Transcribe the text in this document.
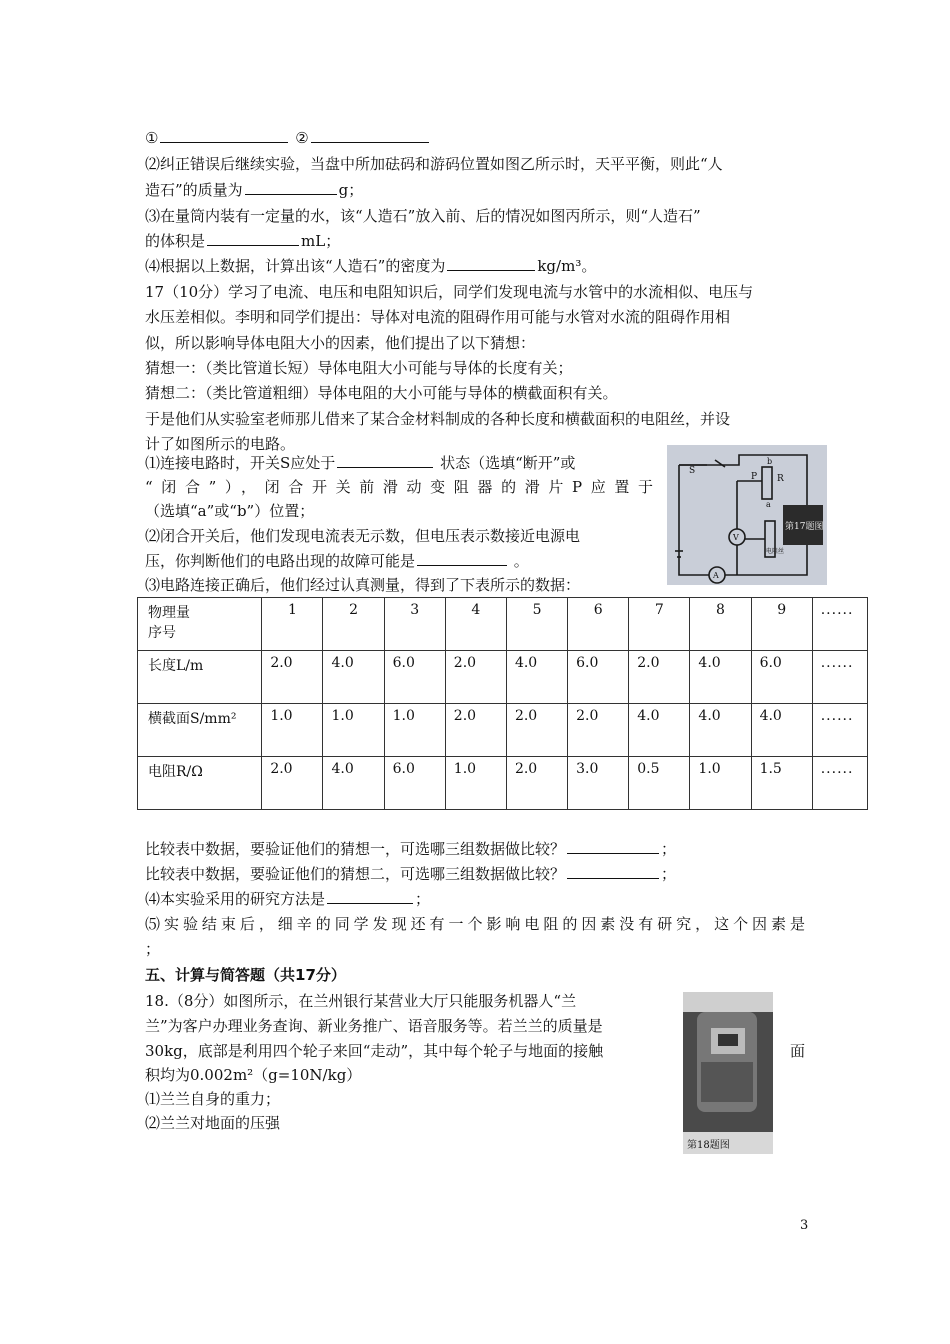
①	②
⑵纠正错误后继续实验，当盘中所加砝码和游码位置如图乙所示时，天平平衡，则此“人
造石”的质量为	g；
⑶在量筒内装有一定量的水，该“人造石”放入前、后的情况如图丙所示，则“人造石”
的体积是	mL；
⑷根据以上数据，计算出该“人造石”的密度为	kg/m³。
17（10分）学习了电流、电压和电阻知识后，同学们发现电流与水管中的水流相似、电压与
水压差相似。李明和同学们提出：导体对电流的阻碍作用可能与水管对水流的阻碍作用相
似，所以影响导体电阻大小的因素，他们提出了以下猜想：
猜想一：（类比管道长短）导体电阻大小可能与导体的长度有关；
猜想二：（类比管道粗细）导体电阻的大小可能与导体的横截面积有关。
于是他们从实验室老师那儿借来了某合金材料制成的各种长度和横截面积的电阻丝，并设
计了如图所示的电路。
⑴连接电路时，开关S应处于	状态（选填“断开”或
“闭合”），闭合开关前滑动变阻器的滑片P应置于
（选填“a”或“b”）位置；
⑵闭合开关后，他们发现电流表无示数，但电压表示数接近电源电
压，你判断他们的电路出现的故障可能是	。
⑶电路连接正确后，他们经过认真测量，得到了下表所示的数据：
S
P R
a
b
V
A
电阻丝
第17题图
物理量
序号	1	2	3	4	5	6	7	8	9	......
长度L/m	2.0	4.0	6.0	2.0	4.0	6.0	2.0	4.0	6.0	......
横截面S/mm²	1.0	1.0	1.0	2.0	2.0	2.0	4.0	4.0	4.0	......
电阻R/Ω	2.0	4.0	6.0	1.0	2.0	3.0	0.5	1.0	1.5	......
比较表中数据，要验证他们的猜想一，可选哪三组数据做比较？	；
比较表中数据，要验证他们的猜想二，可选哪三组数据做比较？	；
⑷本实验采用的研究方法是	；
⑸实验结束后，细辛的同学发现还有一个影响电阻的因素没有研究，这个因素是
；
五、计算与简答题（共17分）
18.（8分）如图所示，在兰州银行某营业大厅只能服务机器人“兰
兰”为客户办理业务查询、新业务推广、语音服务等。若兰兰的质量是
30kg，底部是利用四个轮子来回“走动”，其中每个轮子与地面的接触	面
积均为0.002m²（g=10N/kg）
⑴兰兰自身的重力；
⑵兰兰对地面的压强
第18题图
3
